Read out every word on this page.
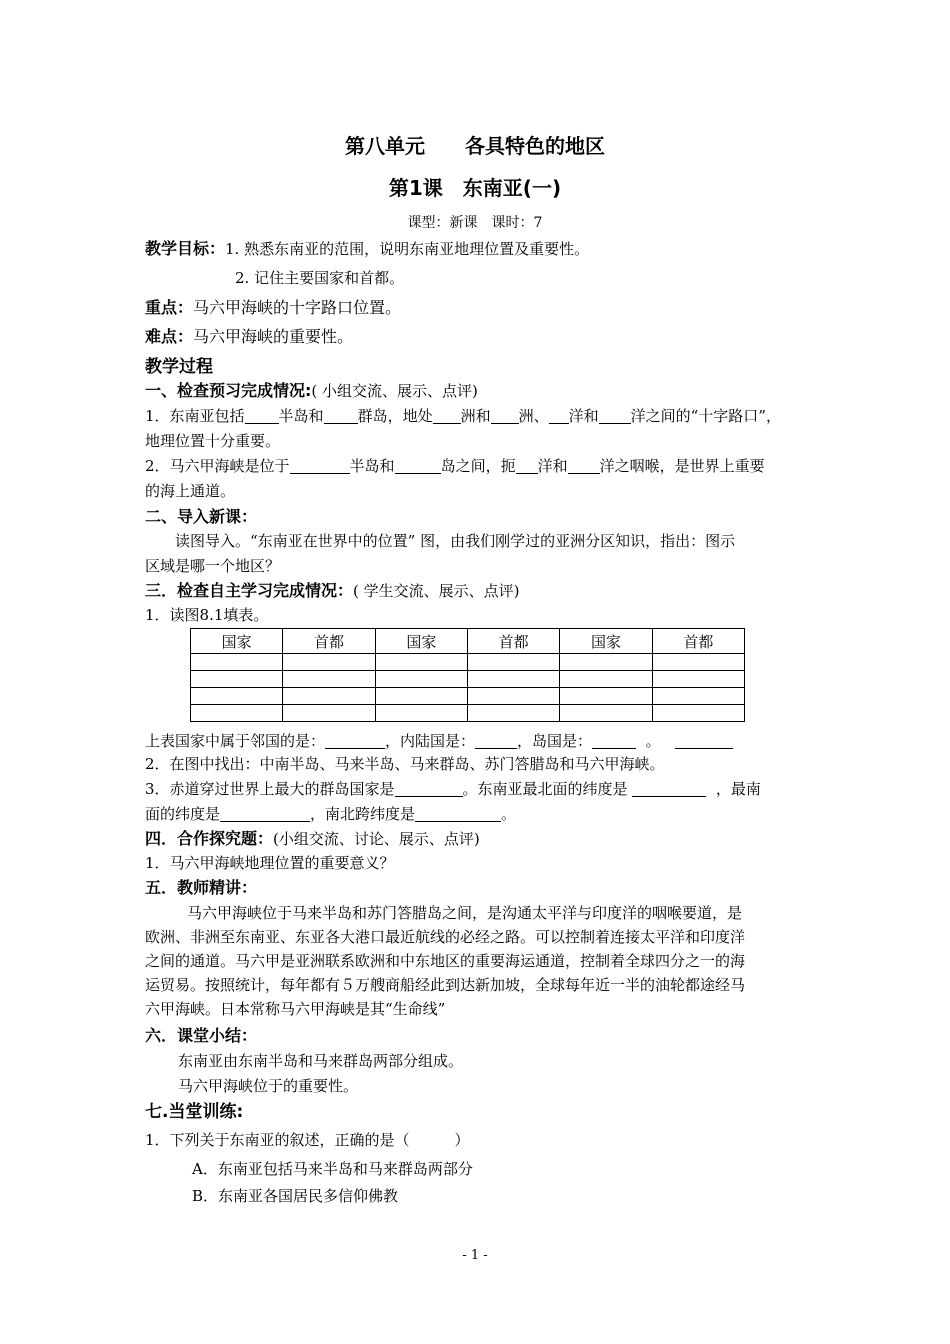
第八单元　　各具特色的地区
第1课　东南亚(一)
课型：新课　课时：7
教学目标：1. 熟悉东南亚的范围，说明东南亚地理位置及重要性。
2. 记住主要国家和首都。
重点：马六甲海峡的十字路口位置。
难点：马六甲海峡的重要性。
教学过程
一、检查预习完成情况:( 小组交流、展示、点评)
1．东南亚包括 半岛和 群岛，地处 洲和 洲、 洋和 洋之间的“十字路口”，
地理位置十分重要。
2．马六甲海峡是位于	半岛和	岛之间，扼 洋和 洋之咽喉，是世界上重要
的海上通道。
二、导入新课：
读图导入。“东南亚在世界中的位置” 图，由我们刚学过的亚洲分区知识，指出：图示
区域是哪一个地区？
三．检查自主学习完成情况：( 学生交流、展示、点评)
1．读图8.1填表。
国家	首都	国家	首都	国家	首都

上表国家中属于邻国的是：	，内陆国是：	，岛国是：	。
2．在图中找出：中南半岛、马来半岛、马来群岛、苏门答腊岛和马六甲海峡。
3．赤道穿过世界上最大的群岛国家是	。东南亚最北面的纬度是	，最南
面的纬度是	，南北跨纬度是	。
四．合作探究题：(小组交流、讨论、展示、点评)
1．马六甲海峡地理位置的重要意义？
五．教师精讲：
马六甲海峡位于马来半岛和苏门答腊岛之间，是沟通太平洋与印度洋的咽喉要道，是
欧洲、非洲至东南亚、东亚各大港口最近航线的必经之路。可以控制着连接太平洋和印度洋
之间的通道。马六甲是亚洲联系欧洲和中东地区的重要海运通道，控制着全球四分之一的海
运贸易。按照统计，每年都有５万艘商船经此到达新加坡，全球每年近一半的油轮都途经马
六甲海峡。日本常称马六甲海峡是其“生命线”
六．课堂小结：
东南亚由东南半岛和马来群岛两部分组成。
马六甲海峡位于的重要性。
七.当堂训练:
1．下列关于东南亚的叙述，正确的是（　　　）
A．东南亚包括马来半岛和马来群岛两部分
B．东南亚各国居民多信仰佛教
- 1 -
